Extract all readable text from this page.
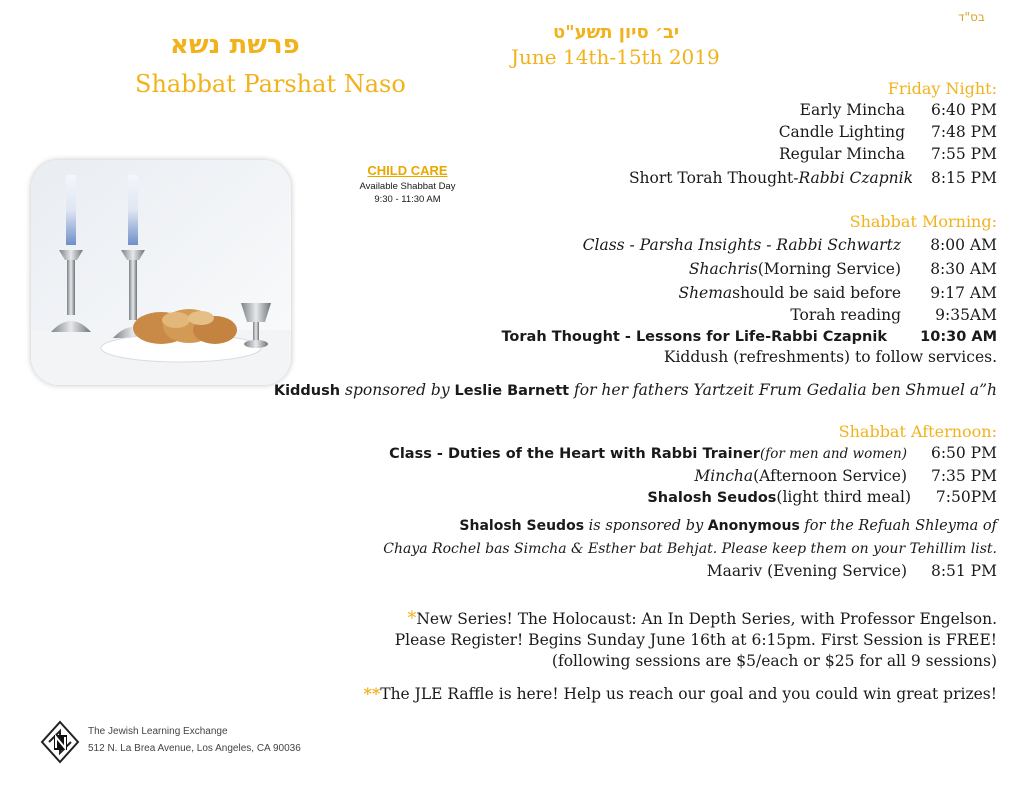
בס"ד
פרשת נשא
Shabbat Parshat Naso
יב׳ סיון תשע"ט
June 14th-15th 2019
CHILD CARE
Available Shabbat Day
9:30 - 11:30 AM
Friday Night:
Early Mincha 6:40 PM
Candle Lighting 7:48 PM
Regular Mincha 7:55 PM
Short Torah Thought-Rabbi Czapnik 8:15 PM
Shabbat Morning:
Class - Parsha Insights - Rabbi Schwartz 8:00 AM
Shachris(Morning Service) 8:30 AM
Shemashould be said before 9:17 AM
Torah reading 9:35AM
Torah Thought - Lessons for Life-Rabbi Czapnik 10:30 AM
Kiddush (refreshments) to follow services.
Kiddush sponsored by Leslie Barnett for her fathers Yartzeit Frum Gedalia ben Shmuel a”h
Shabbat Afternoon:
Class - Duties of the Heart with Rabbi Trainer(for men and women) 6:50 PM
Mincha(Afternoon Service) 7:35 PM
Shalosh Seudos(light third meal) 7:50PM
Shalosh Seudos is sponsored by Anonymous for the Refuah Shleyma of
Chaya Rochel bas Simcha & Esther bat Behjat. Please keep them on your Tehillim list.
Maariv (Evening Service) 8:51 PM
*New Series! The Holocaust: An In Depth Series, with Professor Engelson.
Please Register! Begins Sunday June 16th at 6:15pm. First Session is FREE!
(following sessions are $5/each or $25 for all 9 sessions)
**The JLE Raffle is here! Help us reach our goal and you could win great prizes!
The Jewish Learning Exchange
512 N. La Brea Avenue, Los Angeles, CA 90036
